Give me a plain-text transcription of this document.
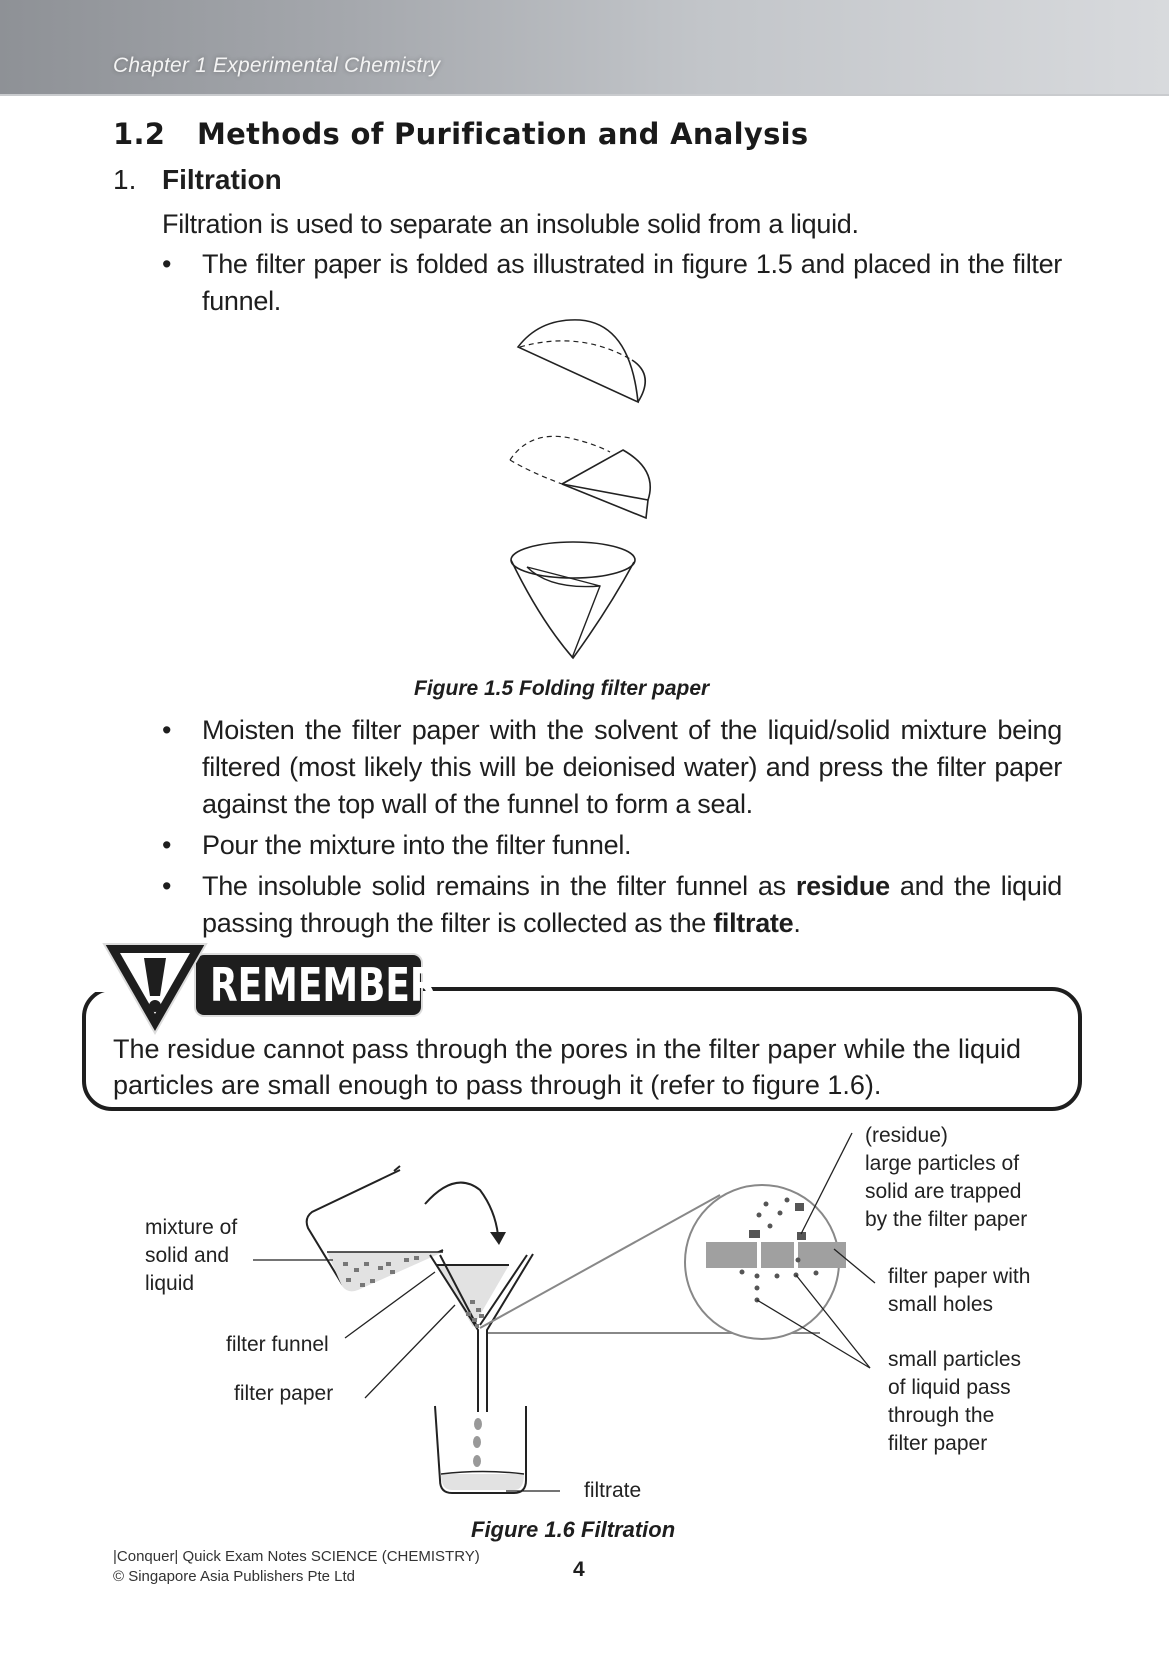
Chapter 1 Experimental Chemistry
1.2 Methods of Purification and Analysis
1. Filtration
Filtration is used to separate an insoluble solid from a liquid.
•	The filter paper is folded as illustrated in figure 1.5 and placed in the filter funnel.
Figure 1.5 Folding filter paper
•	Moisten the filter paper with the solvent of the liquid/solid mixture being filtered (most likely this will be deionised water) and press the filter paper against the top wall of the funnel to form a seal.
•	Pour the mixture into the filter funnel.
•	The insoluble solid remains in the filter funnel as residue and the liquid passing through the filter is collected as the filtrate.
REMEMBER
The residue cannot pass through the pores in the filter paper while the liquid particles are small enough to pass through it (refer to figure 1.6).
mixture of
solid and
liquid
filter funnel
filter paper
filtrate
(residue)
large particles of
solid are trapped
by the filter paper
filter paper with
small holes
small particles
of liquid pass
through the
filter paper
Figure 1.6 Filtration
|Conquer| Quick Exam Notes SCIENCE (CHEMISTRY)
© Singapore Asia Publishers Pte Ltd	4
